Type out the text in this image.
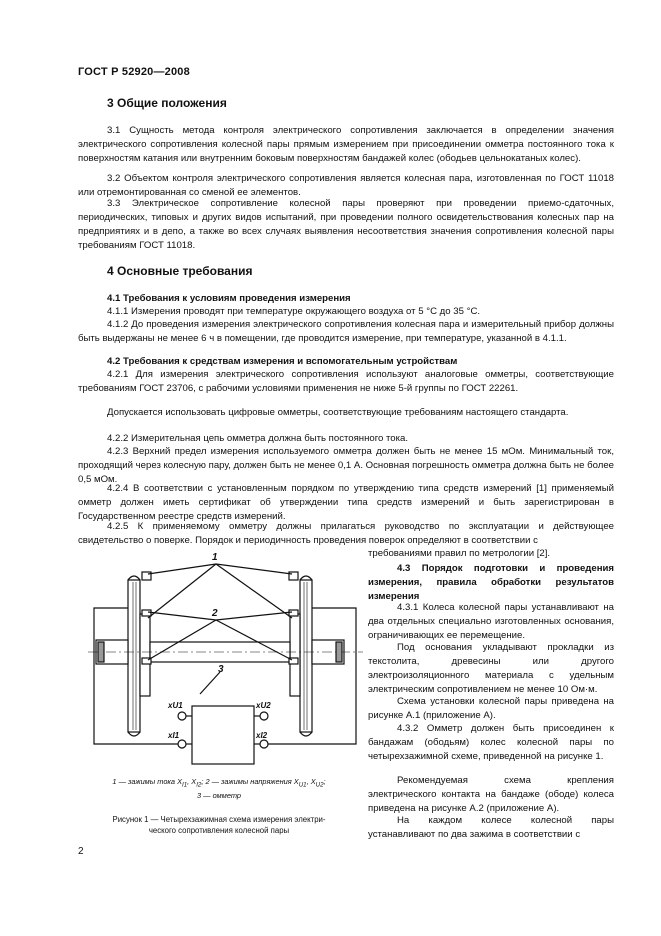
ГОСТ Р 52920—2008
3 Общие положения
3.1 Сущность метода контроля электрического сопротивления заключается в определении значения электрического сопротивления колесной пары прямым измерением при присоединении омметра постоянного тока к поверхностям катания или внутренним боковым поверхностям бандажей колес (ободьев цельнокатаных колес).
3.2 Объектом контроля электрического сопротивления является колесная пара, изготовленная по ГОСТ 11018 или отремонтированная со сменой ее элементов.
3.3 Электрическое сопротивление колесной пары проверяют при проведении приемо-сдаточных, периодических, типовых и других видов испытаний, при проведении полного освидетельствования колесных пар на предприятиях и в депо, а также во всех случаях выявления несоответствия значения сопротивления колесной пары требованиям ГОСТ 11018.
4 Основные требования
4.1 Требования к условиям проведения измерения
4.1.1 Измерения проводят при температуре окружающего воздуха от 5 °С до 35 °С.
4.1.2 До проведения измерения электрического сопротивления колесная пара и измерительный прибор должны быть выдержаны не менее 6 ч в помещении, где проводится измерение, при температуре, указанной в 4.1.1.
4.2 Требования к средствам измерения и вспомогательным устройствам
4.2.1 Для измерения электрического сопротивления используют аналоговые омметры, соответствующие требованиям ГОСТ 23706, с рабочими условиями применения не ниже 5-й группы по ГОСТ 22261.
Допускается использовать цифровые омметры, соответствующие требованиям настоящего стандарта.
4.2.2 Измерительная цепь омметра должна быть постоянного тока.
4.2.3 Верхний предел измерения используемого омметра должен быть не менее 15 мОм. Минимальный ток, проходящий через колесную пару, должен быть не менее 0,1 А. Основная погрешность омметра должна быть не более 0,5 мОм.
4.2.4 В соответствии с установленным порядком по утверждению типа средств измерений [1] применяемый омметр должен иметь сертификат об утверждении типа средств измерений и быть зарегистрирован в Государственном реестре средств измерений.
4.2.5 К применяемому омметру должны прилагаться руководство по эксплуатации и действующее свидетельство о поверке. Порядок и периодичность проведения поверок определяют в соответствии с
требованиями правил по метрологии [2].
4.3 Порядок подготовки и проведения измерения, правила обработки результатов измерения
4.3.1 Колеса колесной пары устанавливают на два отдельных специально изготовленных основания, ограничивающих ее перемещение.
Под основания укладывают прокладки из текстолита, древесины или другого электроизоляционного материала с удельным электрическим сопротивлением не менее 10 Ом·м.
Схема установки колесной пары приведена на рисунке А.1 (приложение А).
4.3.2 Омметр должен быть присоединен к бандажам (ободьям) колес колесной пары по четырехзажимной схеме, приведенной на рисунке 1.
Рекомендуемая схема крепления электрического контакта на бандаже (ободе) колеса приведена на рисунке А.2 (приложение А).
На каждом колесе колесной пары устанавливают по два зажима в соответствии с
1
2
3
xU1	xU2
xI1	xI2
1 — зажимы тока $X_{I1}$, $X_{I2}$; 2 — зажимы напряжения $X_{U1}$, $X_{U2}$;
3 — омметр
Рисунок 1 — Четырехзажимная схема измерения электри-
ческого сопротивления колесной пары
2
